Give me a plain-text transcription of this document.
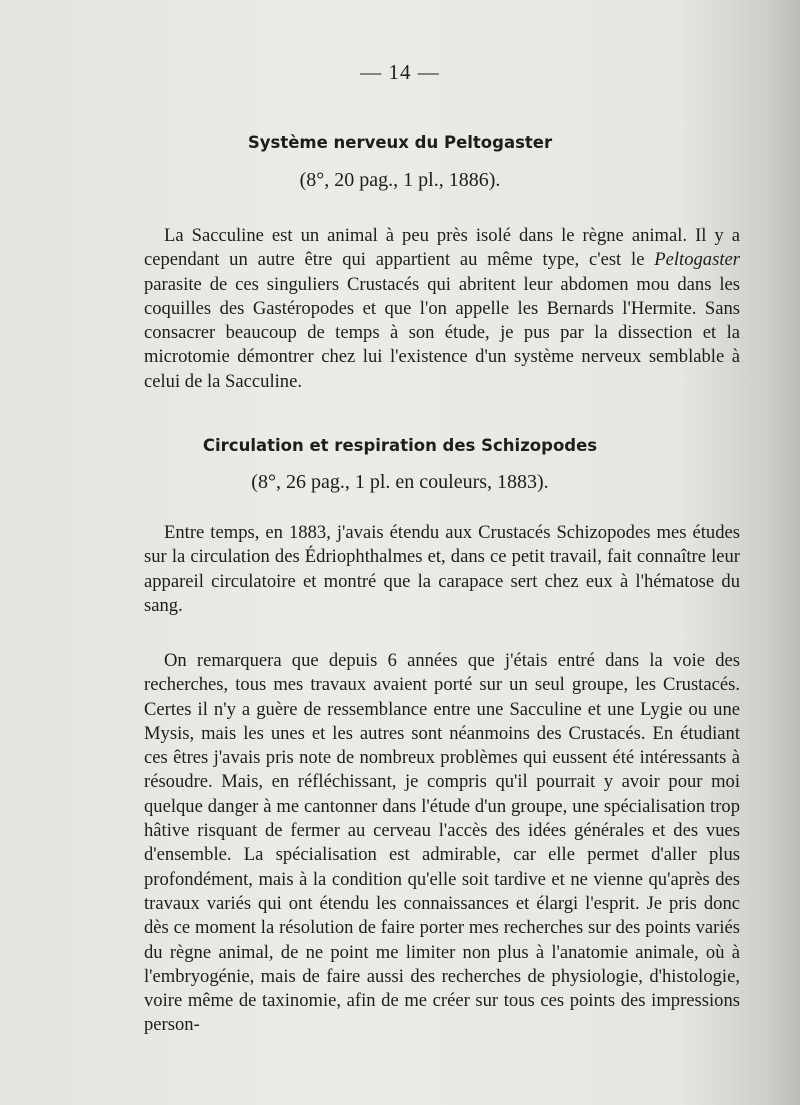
— 14 —
Système nerveux du Peltogaster
(8°, 20 pag., 1 pl., 1886).

La Sacculine est un animal à peu près isolé dans le règne animal. Il y a cependant un autre être qui appartient au même type, c'est le Peltogaster parasite de ces singuliers Crustacés qui abritent leur abdomen mou dans les coquilles des Gastéropodes et que l'on appelle les Bernards l'Hermite. Sans consacrer beaucoup de temps à son étude, je pus par la dissection et la microtomie démontrer chez lui l'existence d'un système nerveux semblable à celui de la Sacculine.

Circulation et respiration des Schizopodes
(8°, 26 pag., 1 pl. en couleurs, 1883).

Entre temps, en 1883, j'avais étendu aux Crustacés Schizopodes mes études sur la circulation des Édriophthalmes et, dans ce petit travail, fait connaître leur appareil circulatoire et montré que la carapace sert chez eux à l'hématose du sang.

On remarquera que depuis 6 années que j'étais entré dans la voie des recherches, tous mes travaux avaient porté sur un seul groupe, les Crustacés. Certes il n'y a guère de ressemblance entre une Sacculine et une Lygie ou une Mysis, mais les unes et les autres sont néanmoins des Crustacés. En étudiant ces êtres j'avais pris note de nombreux problèmes qui eussent été intéressants à résoudre. Mais, en réfléchissant, je compris qu'il pourrait y avoir pour moi quelque danger à me cantonner dans l'étude d'un groupe, une spécialisation trop hâtive risquant de fermer au cerveau l'accès des idées générales et des vues d'ensemble. La spécialisation est admirable, car elle permet d'aller plus profondément, mais à la condition qu'elle soit tardive et ne vienne qu'après des travaux variés qui ont étendu les connaissances et élargi l'esprit. Je pris donc dès ce moment la résolution de faire porter mes recherches sur des points variés du règne animal, de ne point me limiter non plus à l'anatomie animale, où à l'embryogénie, mais de faire aussi des recherches de physiologie, d'histologie, voire même de taxinomie, afin de me créer sur tous ces points des impressions person-
